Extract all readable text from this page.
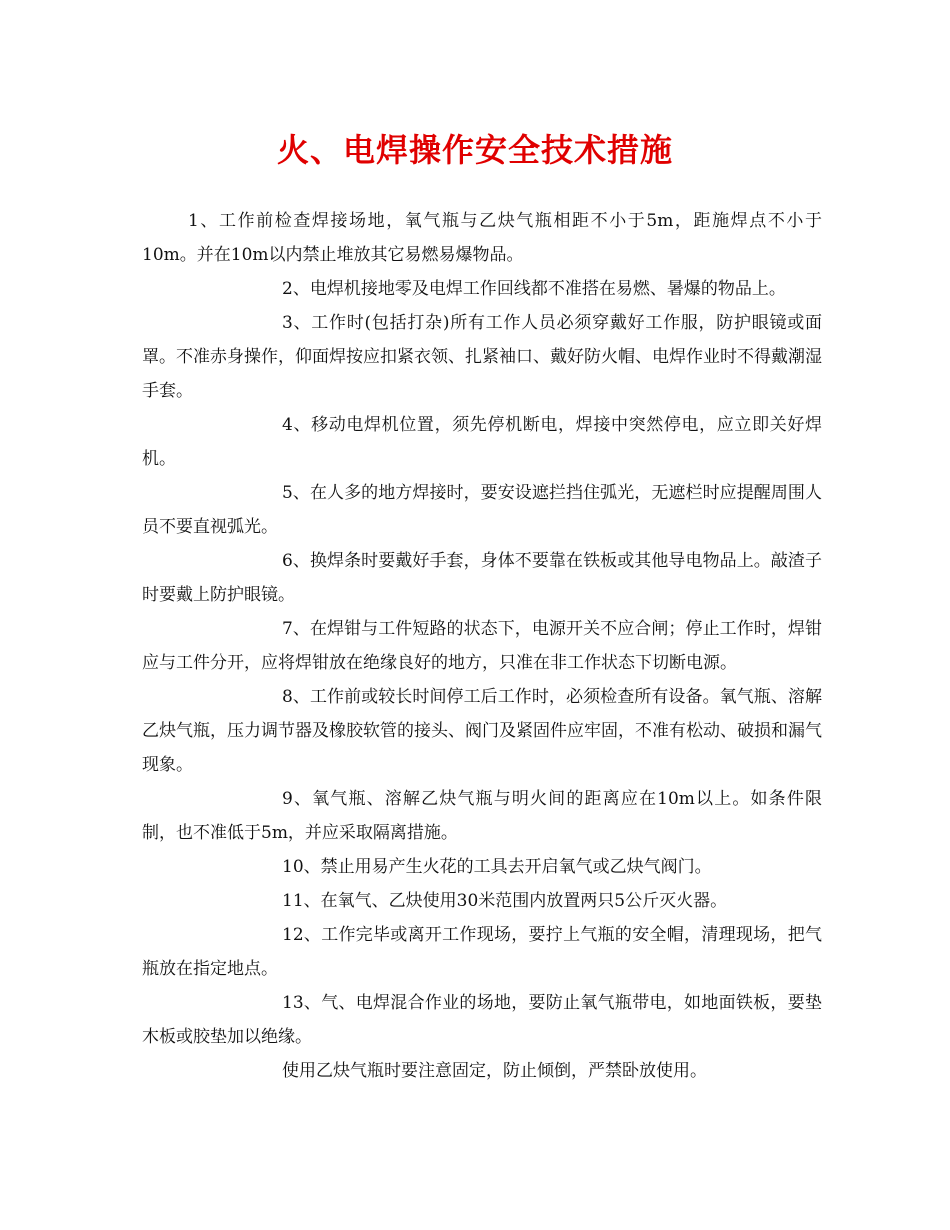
火、电焊操作安全技术措施

1、工作前检查焊接场地，氧气瓶与乙炔气瓶相距不小于5m，距施焊点不小于10m。并在10m以内禁止堆放其它易燃易爆物品。

2、电焊机接地零及电焊工作回线都不准搭在易燃、暑爆的物品上。

3、工作时(包括打杂)所有工作人员必须穿戴好工作服，防护眼镜或面罩。不准赤身操作，仰面焊按应扣紧衣领、扎紧袖口、戴好防火帽、电焊作业时不得戴潮湿手套。

4、移动电焊机位置，须先停机断电，焊接中突然停电，应立即关好焊机。

5、在人多的地方焊接时，要安设遮拦挡住弧光，无遮栏时应提醒周围人员不要直视弧光。

6、换焊条时要戴好手套，身体不要靠在铁板或其他导电物品上。敲渣子时要戴上防护眼镜。

7、在焊钳与工件短路的状态下，电源开关不应合闸；停止工作时，焊钳应与工件分开，应将焊钳放在绝缘良好的地方，只准在非工作状态下切断电源。

8、工作前或较长时间停工后工作时，必须检查所有设备。氧气瓶、溶解乙炔气瓶，压力调节器及橡胶软管的接头、阀门及紧固件应牢固，不准有松动、破损和漏气现象。

9、氧气瓶、溶解乙炔气瓶与明火间的距离应在10m以上。如条件限制，也不准低于5m，并应采取隔离措施。

10、禁止用易产生火花的工具去开启氧气或乙炔气阀门。

11、在氧气、乙炔使用30米范围内放置两只5公斤灭火器。

12、工作完毕或离开工作现场，要拧上气瓶的安全帽，清理现场，把气瓶放在指定地点。

13、气、电焊混合作业的场地，要防止氧气瓶带电，如地面铁板，要垫木板或胶垫加以绝缘。

使用乙炔气瓶时要注意固定，防止倾倒，严禁卧放使用。
